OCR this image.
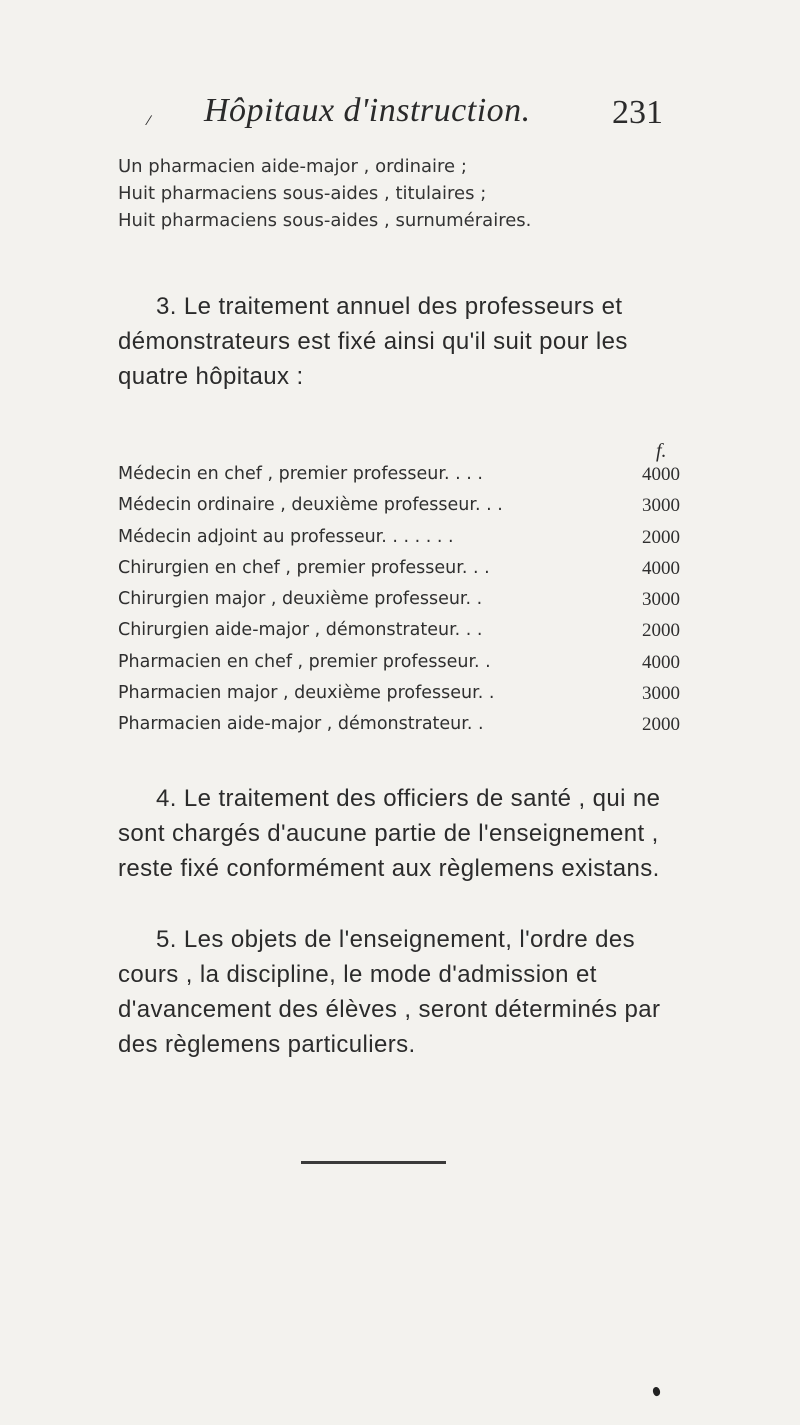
∕ Hôpitaux d'instruction. 231
Un pharmacien aide-major , ordinaire ;
Huit pharmaciens sous-aides , titulaires ;
Huit pharmaciens sous-aides , surnuméraires.

3. Le traitement annuel des professeurs et démonstrateurs est fixé ainsi qu'il suit pour les quatre hôpitaux :

f.
Médecin en chef , premier professeur. . . .	4000
Médecin ordinaire , deuxième professeur. . .	3000
Médecin adjoint au professeur. . . . . . .	2000
Chirurgien en chef , premier professeur. . .	4000
Chirurgien major , deuxième professeur. .	3000
Chirurgien aide-major , démonstrateur. . .	2000
Pharmacien en chef , premier professeur. .	4000
Pharmacien major , deuxième professeur. .	3000
Pharmacien aide-major , démonstrateur. .	2000

4. Le traitement des officiers de santé , qui ne sont chargés d'aucune partie de l'enseignement , reste fixé conformément aux règlemens existans.

5. Les objets de l'enseignement, l'ordre des cours , la discipline, le mode d'admission et d'avancement des élèves , seront déterminés par des règlemens particuliers.
